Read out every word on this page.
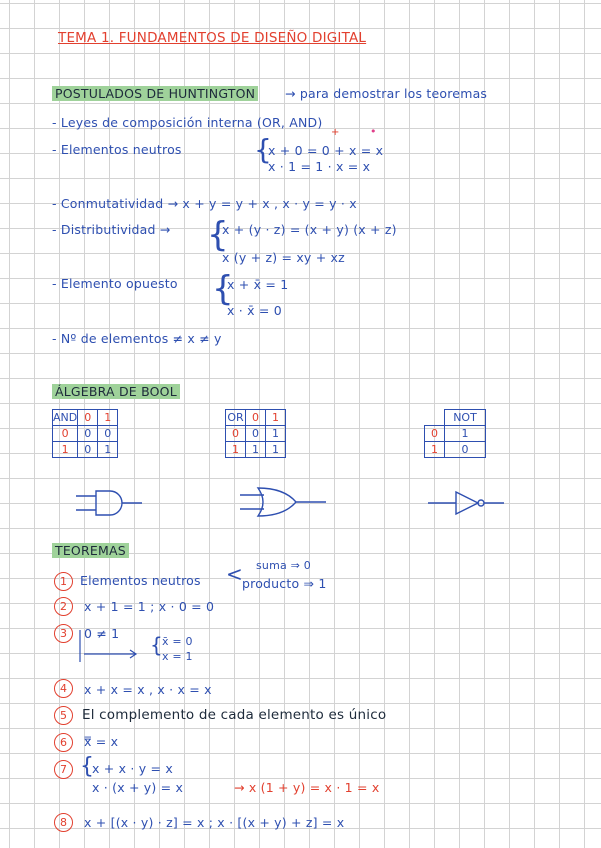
TEMA 1. FUNDAMENTOS DE DISEÑO DIGITAL
POSTULADOS DE HUNTINGTON → para demostrar los teoremas
- Leyes de composición interna (OR, AND)
+	•
- Elementos neutros	{
x + 0 = 0 + x = x
x · 1 = 1 · x = x
- Conmutatividad → x + y = y + x , x · y = y · x
- Distributividad → {
x + (y · z) = (x + y) (x + z)
x (y + z) = xy + xz
- Elemento opuesto {
x + x̄ = 1
x · x̄ = 0
- Nº de elementos ≠ x ≠ y
ÁLGEBRA DE BOOL
AND	0	1
0	0	0
1	0	1
OR	0	1
0	0	1
1	1	1
	NOT
0	1
1	0
TEOREMAS
1	Elementos neutros < suma ⇒ 0
producto ⇒ 1
2	x + 1 = 1 ; x · 0 = 0
3	0 ≠ 1 { x̄ = 0
x = 1
4	x + x = x , x · x = x
5	El complemento de cada elemento es único
6	x̿ = x
7 {
x + x · y = x
x · (x + y) = x	→ x (1 + y) = x · 1 = x
8	x + [(x · y) · z] = x ; x · [(x + y) + z] = x
